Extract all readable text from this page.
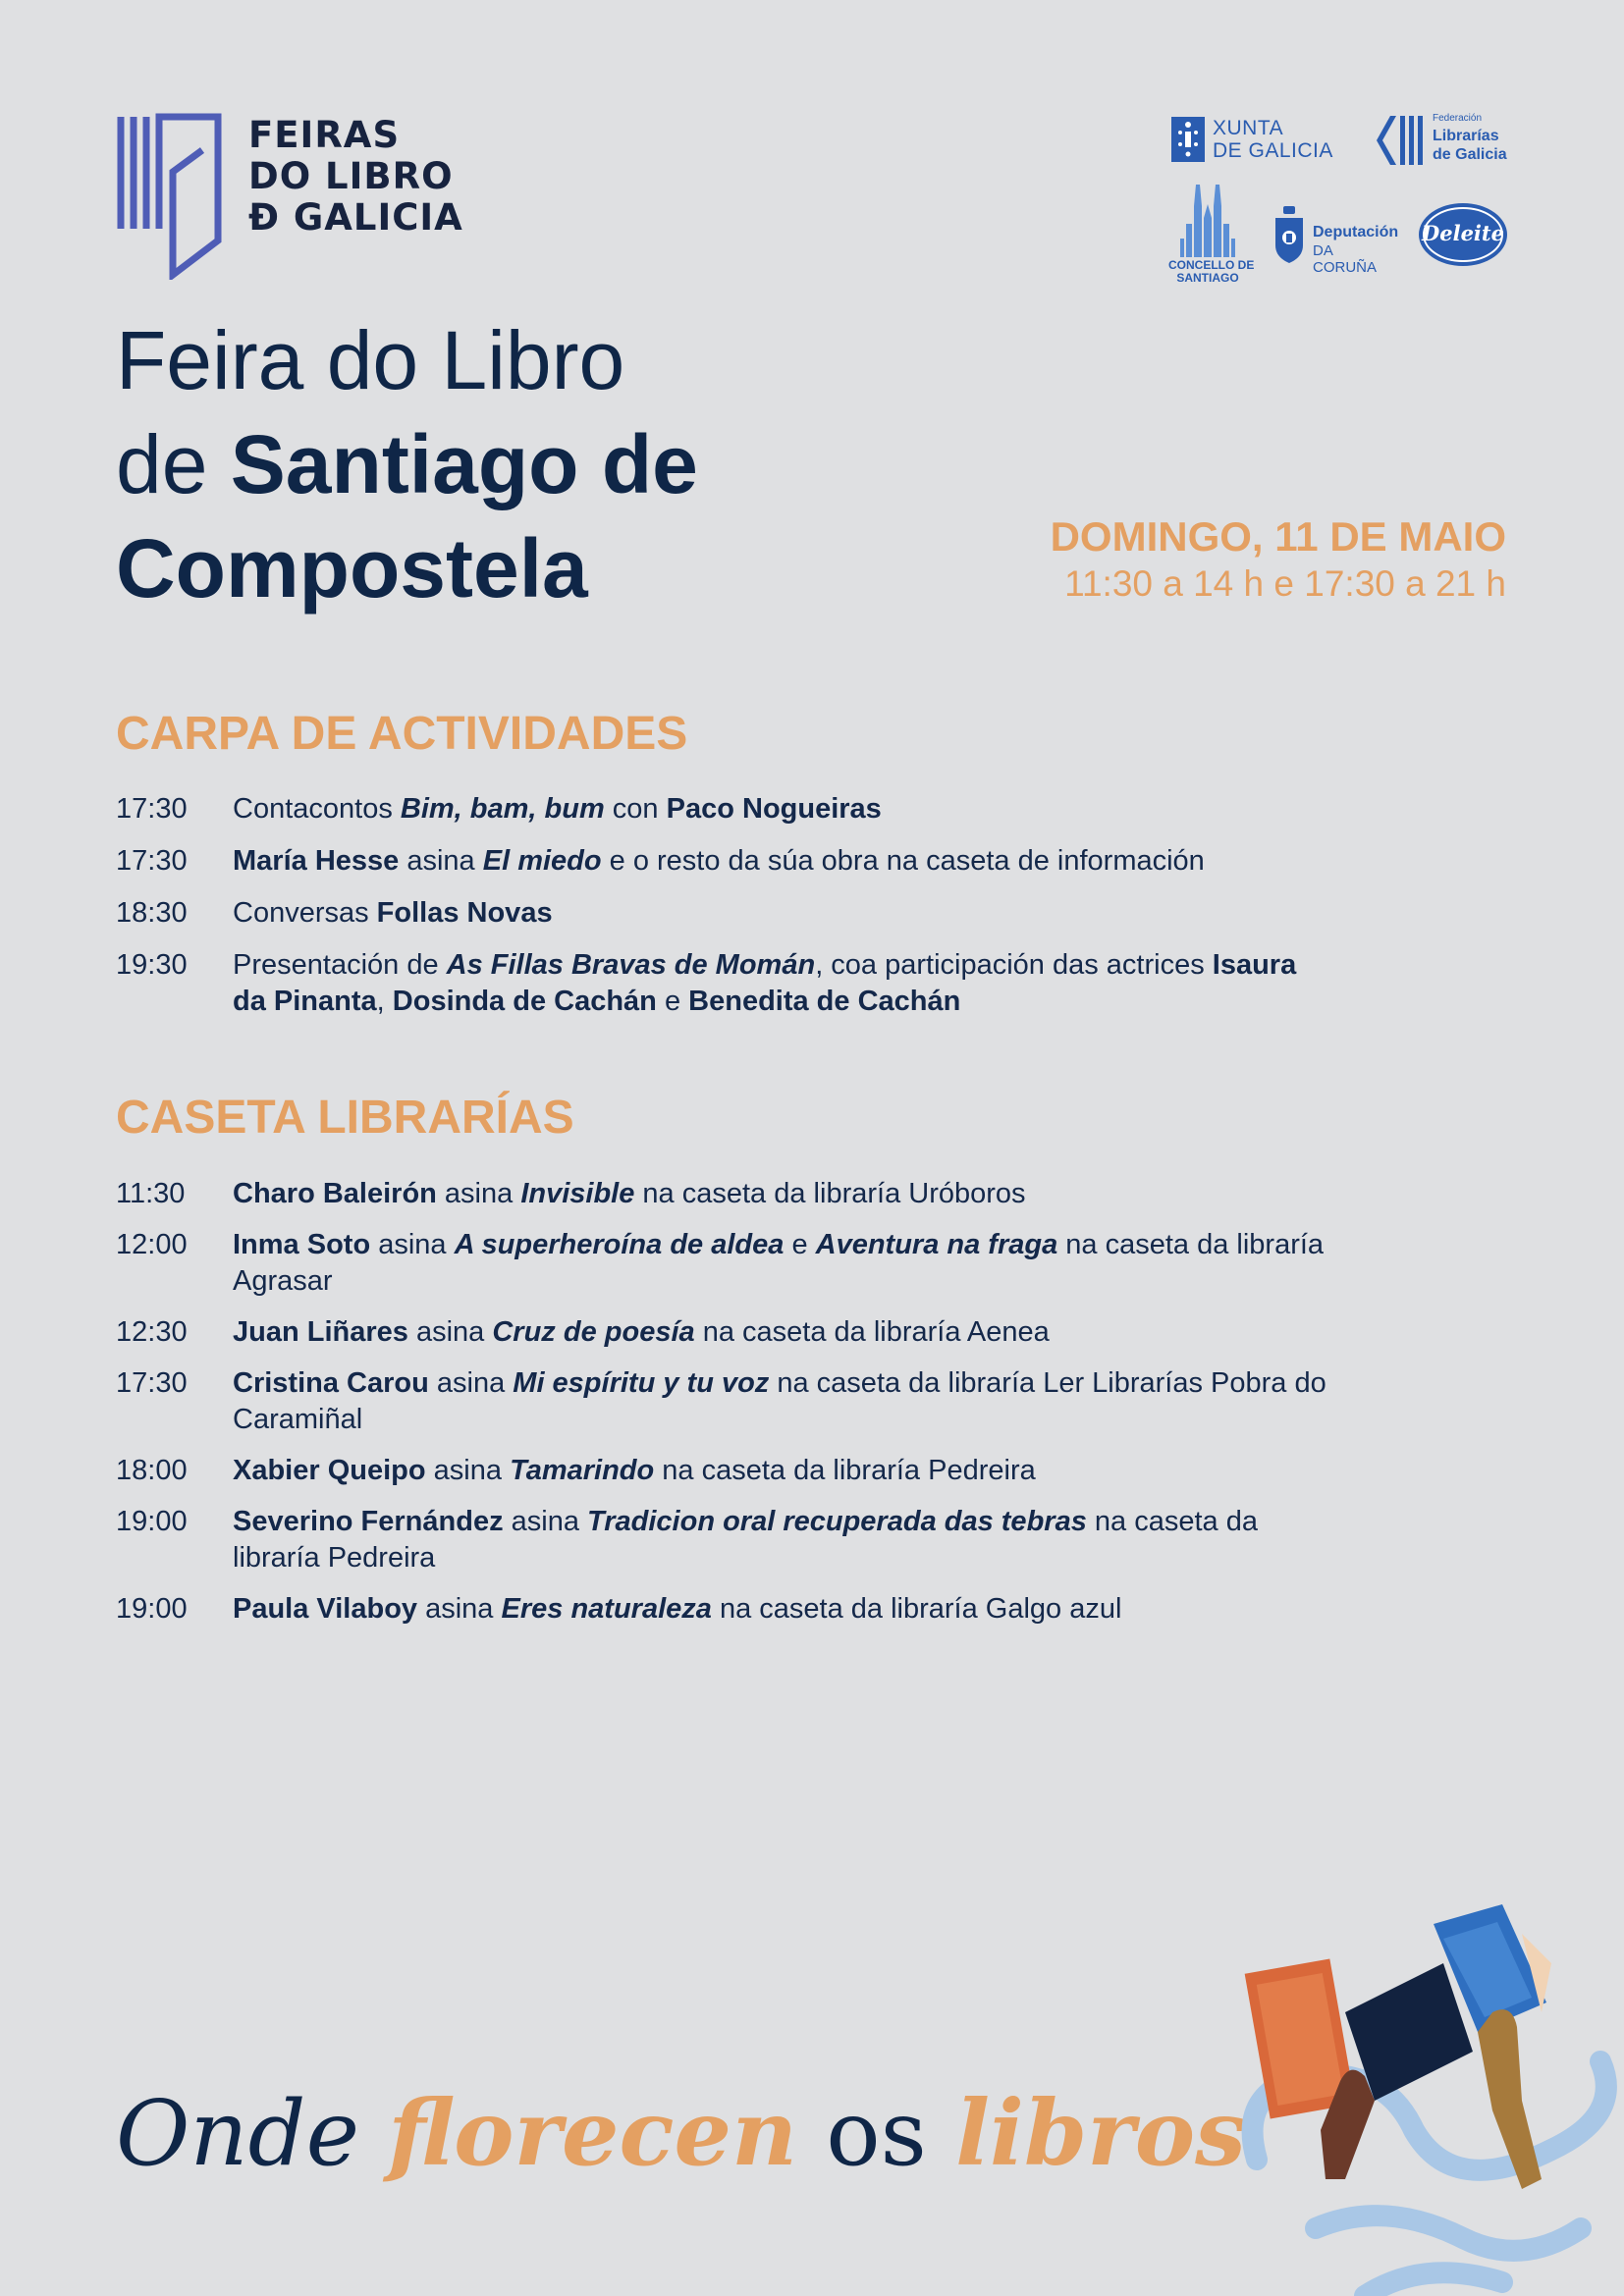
FEIRAS
DO LIBRO
Đ GALICIA
XUNTA
DE GALICIA
Federación
Librarías
de Galicia
CONCELLO DE
SANTIAGO
Deputación
DA CORUÑA
Deleite
Feira do Libro
de Santiago de
Compostela	DOMINGO, 11 DE MAIO
11:30 a 14 h e 17:30 a 21 h
CARPA DE ACTIVIDADES
17:30	Contacontos Bim, bam, bum con Paco Nogueiras
17:30	María Hesse asina El miedo e o resto da súa obra na caseta de información
18:30	Conversas Follas Novas
19:30	Presentación de As Fillas Bravas de Momán, coa participación das actrices Isaura da Pinanta, Dosinda de Cachán e Benedita de Cachán
CASETA LIBRARÍAS
11:30	Charo Baleirón asina Invisible na caseta da libraría Uróboros
12:00	Inma Soto asina A superheroína de aldea e Aventura na fraga na caseta da libraría Agrasar
12:30	Juan Liñares asina Cruz de poesía na caseta da libraría Aenea
17:30	Cristina Carou asina Mi espíritu y tu voz na caseta da libraría Ler Librarías Pobra do Caramiñal
18:00	Xabier Queipo asina Tamarindo na caseta da libraría Pedreira
19:00	Severino Fernández asina Tradicion oral recuperada das tebras na caseta da libraría Pedreira
19:00	Paula Vilaboy asina Eres naturaleza na caseta da libraría Galgo azul
Onde florecen os libros
